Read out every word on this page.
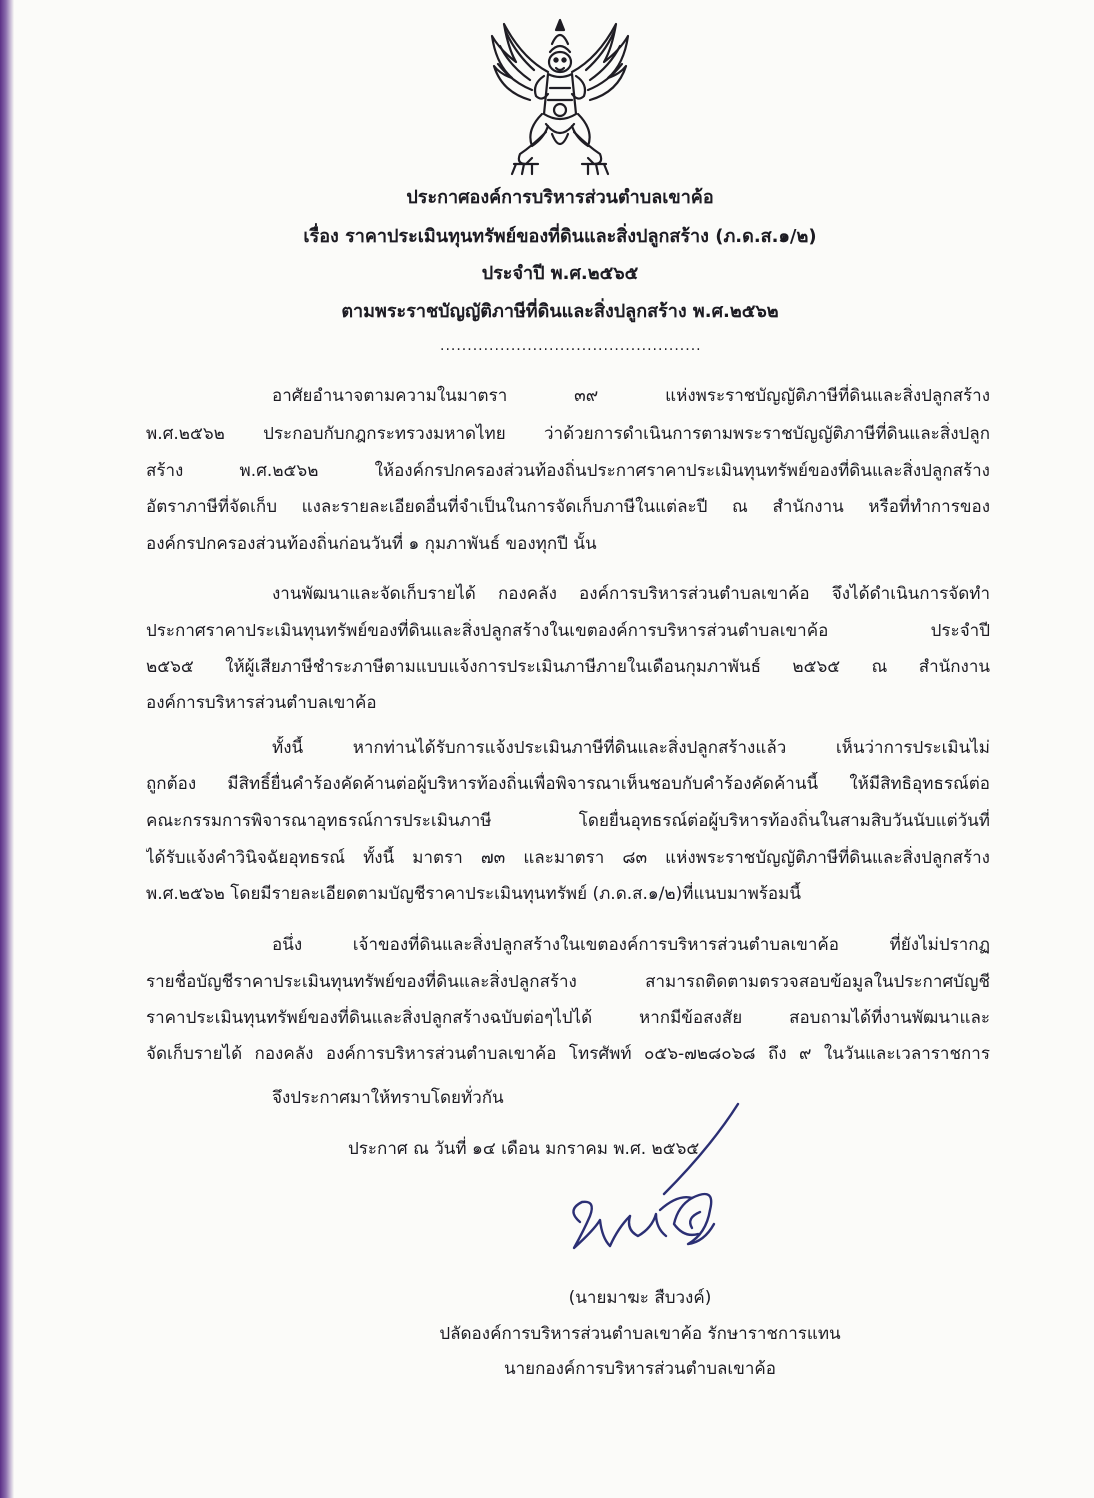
ประกาศองค์การบริหารส่วนตำบลเขาค้อ
เรื่อง ราคาประเมินทุนทรัพย์ของที่ดินและสิ่งปลูกสร้าง (ภ.ด.ส.๑/๒)
ประจำปี พ.ศ.๒๕๖๕
ตามพระราชบัญญัติภาษีที่ดินและสิ่งปลูกสร้าง พ.ศ.๒๕๖๒
................................................
อาศัยอำนาจตามความในมาตรา ๓๙ แห่งพระราชบัญญัติภาษีที่ดินและสิ่งปลูกสร้าง
พ.ศ.๒๕๖๒ ประกอบกับกฎกระทรวงมหาดไทย ว่าด้วยการดำเนินการตามพระราชบัญญัติภาษีที่ดินและสิ่งปลูก
สร้าง พ.ศ.๒๕๖๒ ให้องค์กรปกครองส่วนท้องถิ่นประกาศราคาประเมินทุนทรัพย์ของที่ดินและสิ่งปลูกสร้าง
อัตราภาษีที่จัดเก็บ แงละรายละเอียดอื่นที่จำเป็นในการจัดเก็บภาษีในแต่ละปี ณ สำนักงาน หรือที่ทำการของ
องค์กรปกครองส่วนท้องถิ่นก่อนวันที่ ๑ กุมภาพันธ์ ของทุกปี นั้น
งานพัฒนาและจัดเก็บรายได้ กองคลัง องค์การบริหารส่วนตำบลเขาค้อ จึงได้ดำเนินการจัดทำ
ประกาศราคาประเมินทุนทรัพย์ของที่ดินและสิ่งปลูกสร้างในเขตองค์การบริหารส่วนตำบลเขาค้อ ประจำปี
๒๕๖๕ ให้ผู้เสียภาษีชำระภาษีตามแบบแจ้งการประเมินภาษีภายในเดือนกุมภาพันธ์ ๒๕๖๕ ณ สำนักงาน
องค์การบริหารส่วนตำบลเขาค้อ
ทั้งนี้ หากท่านได้รับการแจ้งประเมินภาษีที่ดินและสิ่งปลูกสร้างแล้ว เห็นว่าการประเมินไม่
ถูกต้อง มีสิทธิ์ยื่นคำร้องคัดค้านต่อผู้บริหารท้องถิ่นเพื่อพิจารณาเห็นชอบกับคำร้องคัดค้านนี้ ให้มีสิทธิอุทธรณ์ต่อ
คณะกรรมการพิจารณาอุทธรณ์การประเมินภาษี โดยยื่นอุทธรณ์ต่อผู้บริหารท้องถิ่นในสามสิบวันนับแต่วันที่
ได้รับแจ้งคำวินิจฉัยอุทธรณ์ ทั้งนี้ มาตรา ๗๓ และมาตรา ๘๓ แห่งพระราชบัญญัติภาษีที่ดินและสิ่งปลูกสร้าง
พ.ศ.๒๕๖๒ โดยมีรายละเอียดตามบัญชีราคาประเมินทุนทรัพย์ (ภ.ด.ส.๑/๒)ที่แนบมาพร้อมนี้
อนึ่ง เจ้าของที่ดินและสิ่งปลูกสร้างในเขตองค์การบริหารส่วนตำบลเขาค้อ ที่ยังไม่ปรากฏ
รายชื่อบัญชีราคาประเมินทุนทรัพย์ของที่ดินและสิ่งปลูกสร้าง สามารถติดตามตรวจสอบข้อมูลในประกาศบัญชี
ราคาประเมินทุนทรัพย์ของที่ดินและสิ่งปลูกสร้างฉบับต่อๆไปได้ หากมีข้อสงสัย สอบถามได้ที่งานพัฒนาและ
จัดเก็บรายได้ กองคลัง องค์การบริหารส่วนตำบลเขาค้อ โทรศัพท์ ๐๕๖-๗๒๘๐๖๘ ถึง ๙ ในวันและเวลาราชการ
จึงประกาศมาให้ทราบโดยทั่วกัน
ประกาศ ณ วันที่ ๑๔ เดือน มกราคม พ.ศ. ๒๕๖๕
(นายมาฆะ สืบวงค์)
ปลัดองค์การบริหารส่วนตำบลเขาค้อ รักษาราชการแทน
นายกองค์การบริหารส่วนตำบลเขาค้อ
